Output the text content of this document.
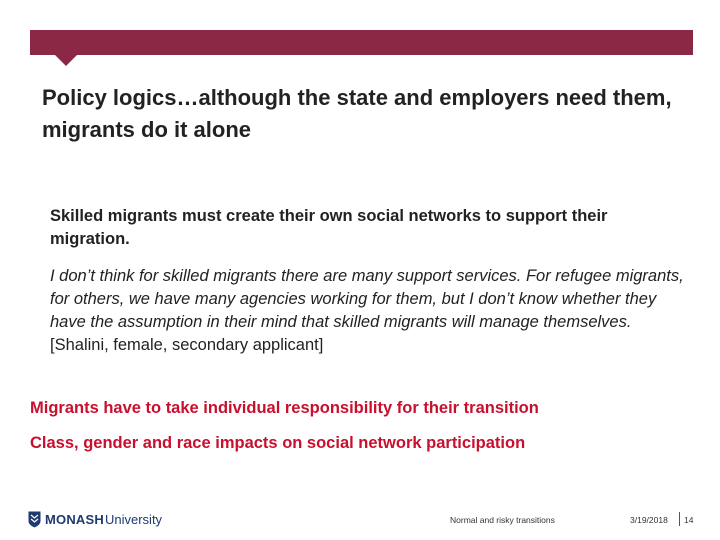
Policy logics…although the state and employers need them, migrants do it alone

Skilled migrants must create their own social networks to support their migration.

I don’t think for skilled migrants there are many support services. For refugee migrants, for others, we have many agencies working for them, but I don’t know whether they have the assumption in their mind that skilled migrants will manage themselves. [Shalini, female, secondary applicant]

Migrants have to take individual responsibility for their transition
Class, gender and race impacts on social network participation
MONASH University	Normal and risky transitions	3/19/2018 14
